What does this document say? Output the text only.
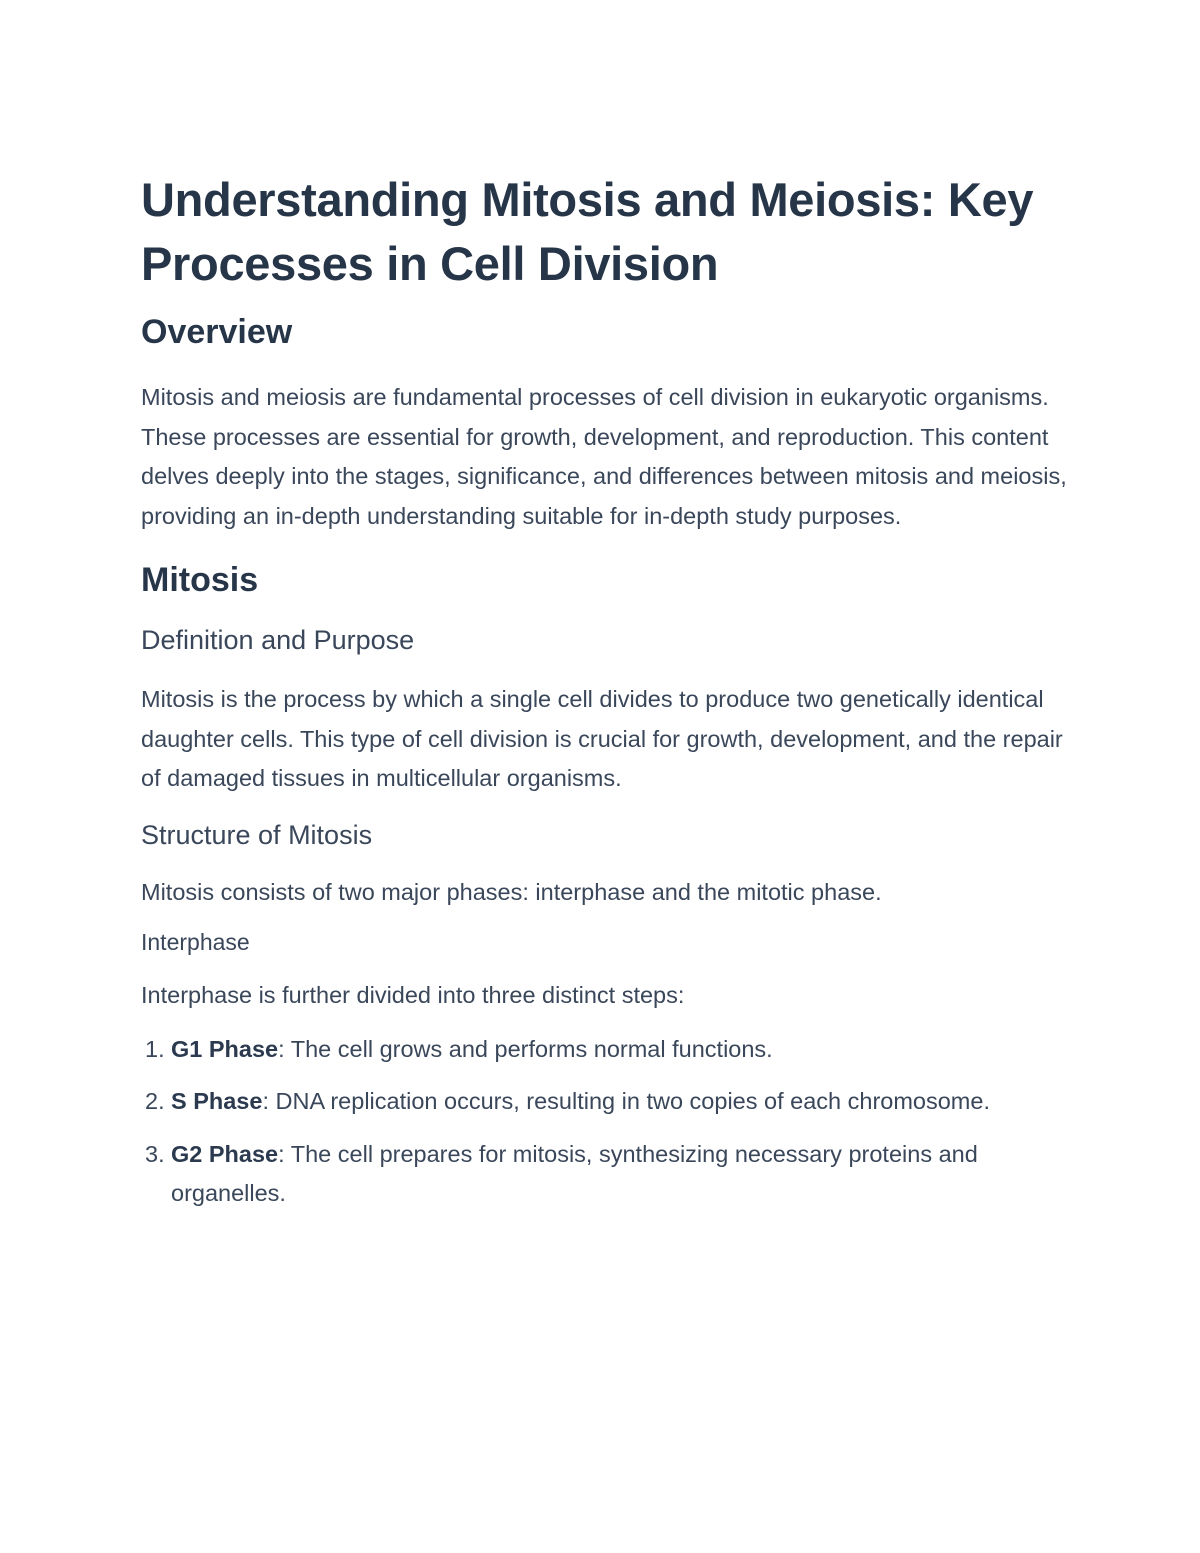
Understanding Mitosis and Meiosis: Key Processes in Cell Division
Overview

Mitosis and meiosis are fundamental processes of cell division in eukaryotic organisms. These processes are essential for growth, development, and reproduction. This content delves deeply into the stages, significance, and differences between mitosis and meiosis, providing an in-depth understanding suitable for in-depth study purposes.

Mitosis
Definition and Purpose

Mitosis is the process by which a single cell divides to produce two genetically identical daughter cells. This type of cell division is crucial for growth, development, and the repair of damaged tissues in multicellular organisms.

Structure of Mitosis

Mitosis consists of two major phases: interphase and the mitotic phase.

Interphase

Interphase is further divided into three distinct steps:

1. G1 Phase: The cell grows and performs normal functions.
2. S Phase: DNA replication occurs, resulting in two copies of each chromosome.
3. G2 Phase: The cell prepares for mitosis, synthesizing necessary proteins and organelles.
